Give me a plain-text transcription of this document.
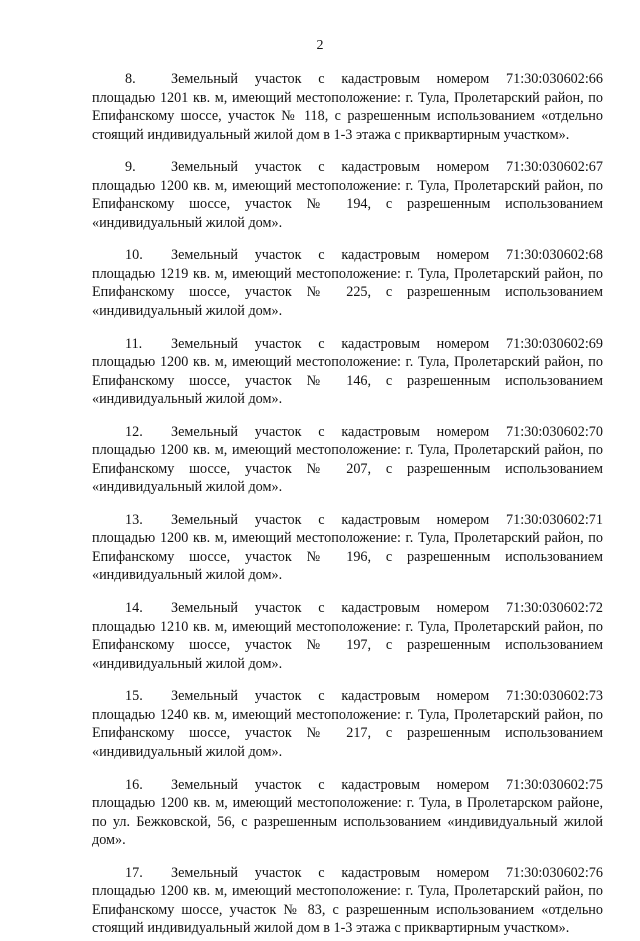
2

8. Земельный участок с кадастровым номером 71:30:030602:66 площадью 1201 кв. м, имеющий местоположение: г. Тула, Пролетарский район, по Епифанскому шоссе, участок № 118, с разрешенным использованием «отдельно стоящий индивидуальный жилой дом в 1-3 этажа с приквартирным участком».

9. Земельный участок с кадастровым номером 71:30:030602:67 площадью 1200 кв. м, имеющий местоположение: г. Тула, Пролетарский район, по Епифанскому шоссе, участок № 194, с разрешенным использованием «индивидуальный жилой дом».

10. Земельный участок с кадастровым номером 71:30:030602:68 площадью 1219 кв. м, имеющий местоположение: г. Тула, Пролетарский район, по Епифанскому шоссе, участок № 225, с разрешенным использованием «индивидуальный жилой дом».

11. Земельный участок с кадастровым номером 71:30:030602:69 площадью 1200 кв. м, имеющий местоположение: г. Тула, Пролетарский район, по Епифанскому шоссе, участок № 146, с разрешенным использованием «индивидуальный жилой дом».

12. Земельный участок с кадастровым номером 71:30:030602:70 площадью 1200 кв. м, имеющий местоположение: г. Тула, Пролетарский район, по Епифанскому шоссе, участок № 207, с разрешенным использованием «индивидуальный жилой дом».

13. Земельный участок с кадастровым номером 71:30:030602:71 площадью 1200 кв. м, имеющий местоположение: г. Тула, Пролетарский район, по Епифанскому шоссе, участок № 196, с разрешенным использованием «индивидуальный жилой дом».

14. Земельный участок с кадастровым номером 71:30:030602:72 площадью 1210 кв. м, имеющий местоположение: г. Тула, Пролетарский район, по Епифанскому шоссе, участок № 197, с разрешенным использованием «индивидуальный жилой дом».

15. Земельный участок с кадастровым номером 71:30:030602:73 площадью 1240 кв. м, имеющий местоположение: г. Тула, Пролетарский район, по Епифанскому шоссе, участок № 217, с разрешенным использованием «индивидуальный жилой дом».

16. Земельный участок с кадастровым номером 71:30:030602:75 площадью 1200 кв. м, имеющий местоположение: г. Тула, в Пролетарском районе, по ул. Бежковской, 56, с разрешенным использованием «индивидуальный жилой дом».

17. Земельный участок с кадастровым номером 71:30:030602:76 площадью 1200 кв. м, имеющий местоположение: г. Тула, Пролетарский район, по Епифанскому шоссе, участок № 83, с разрешенным использованием «отдельно стоящий индивидуальный жилой дом в 1-3 этажа с приквартирным участком».
